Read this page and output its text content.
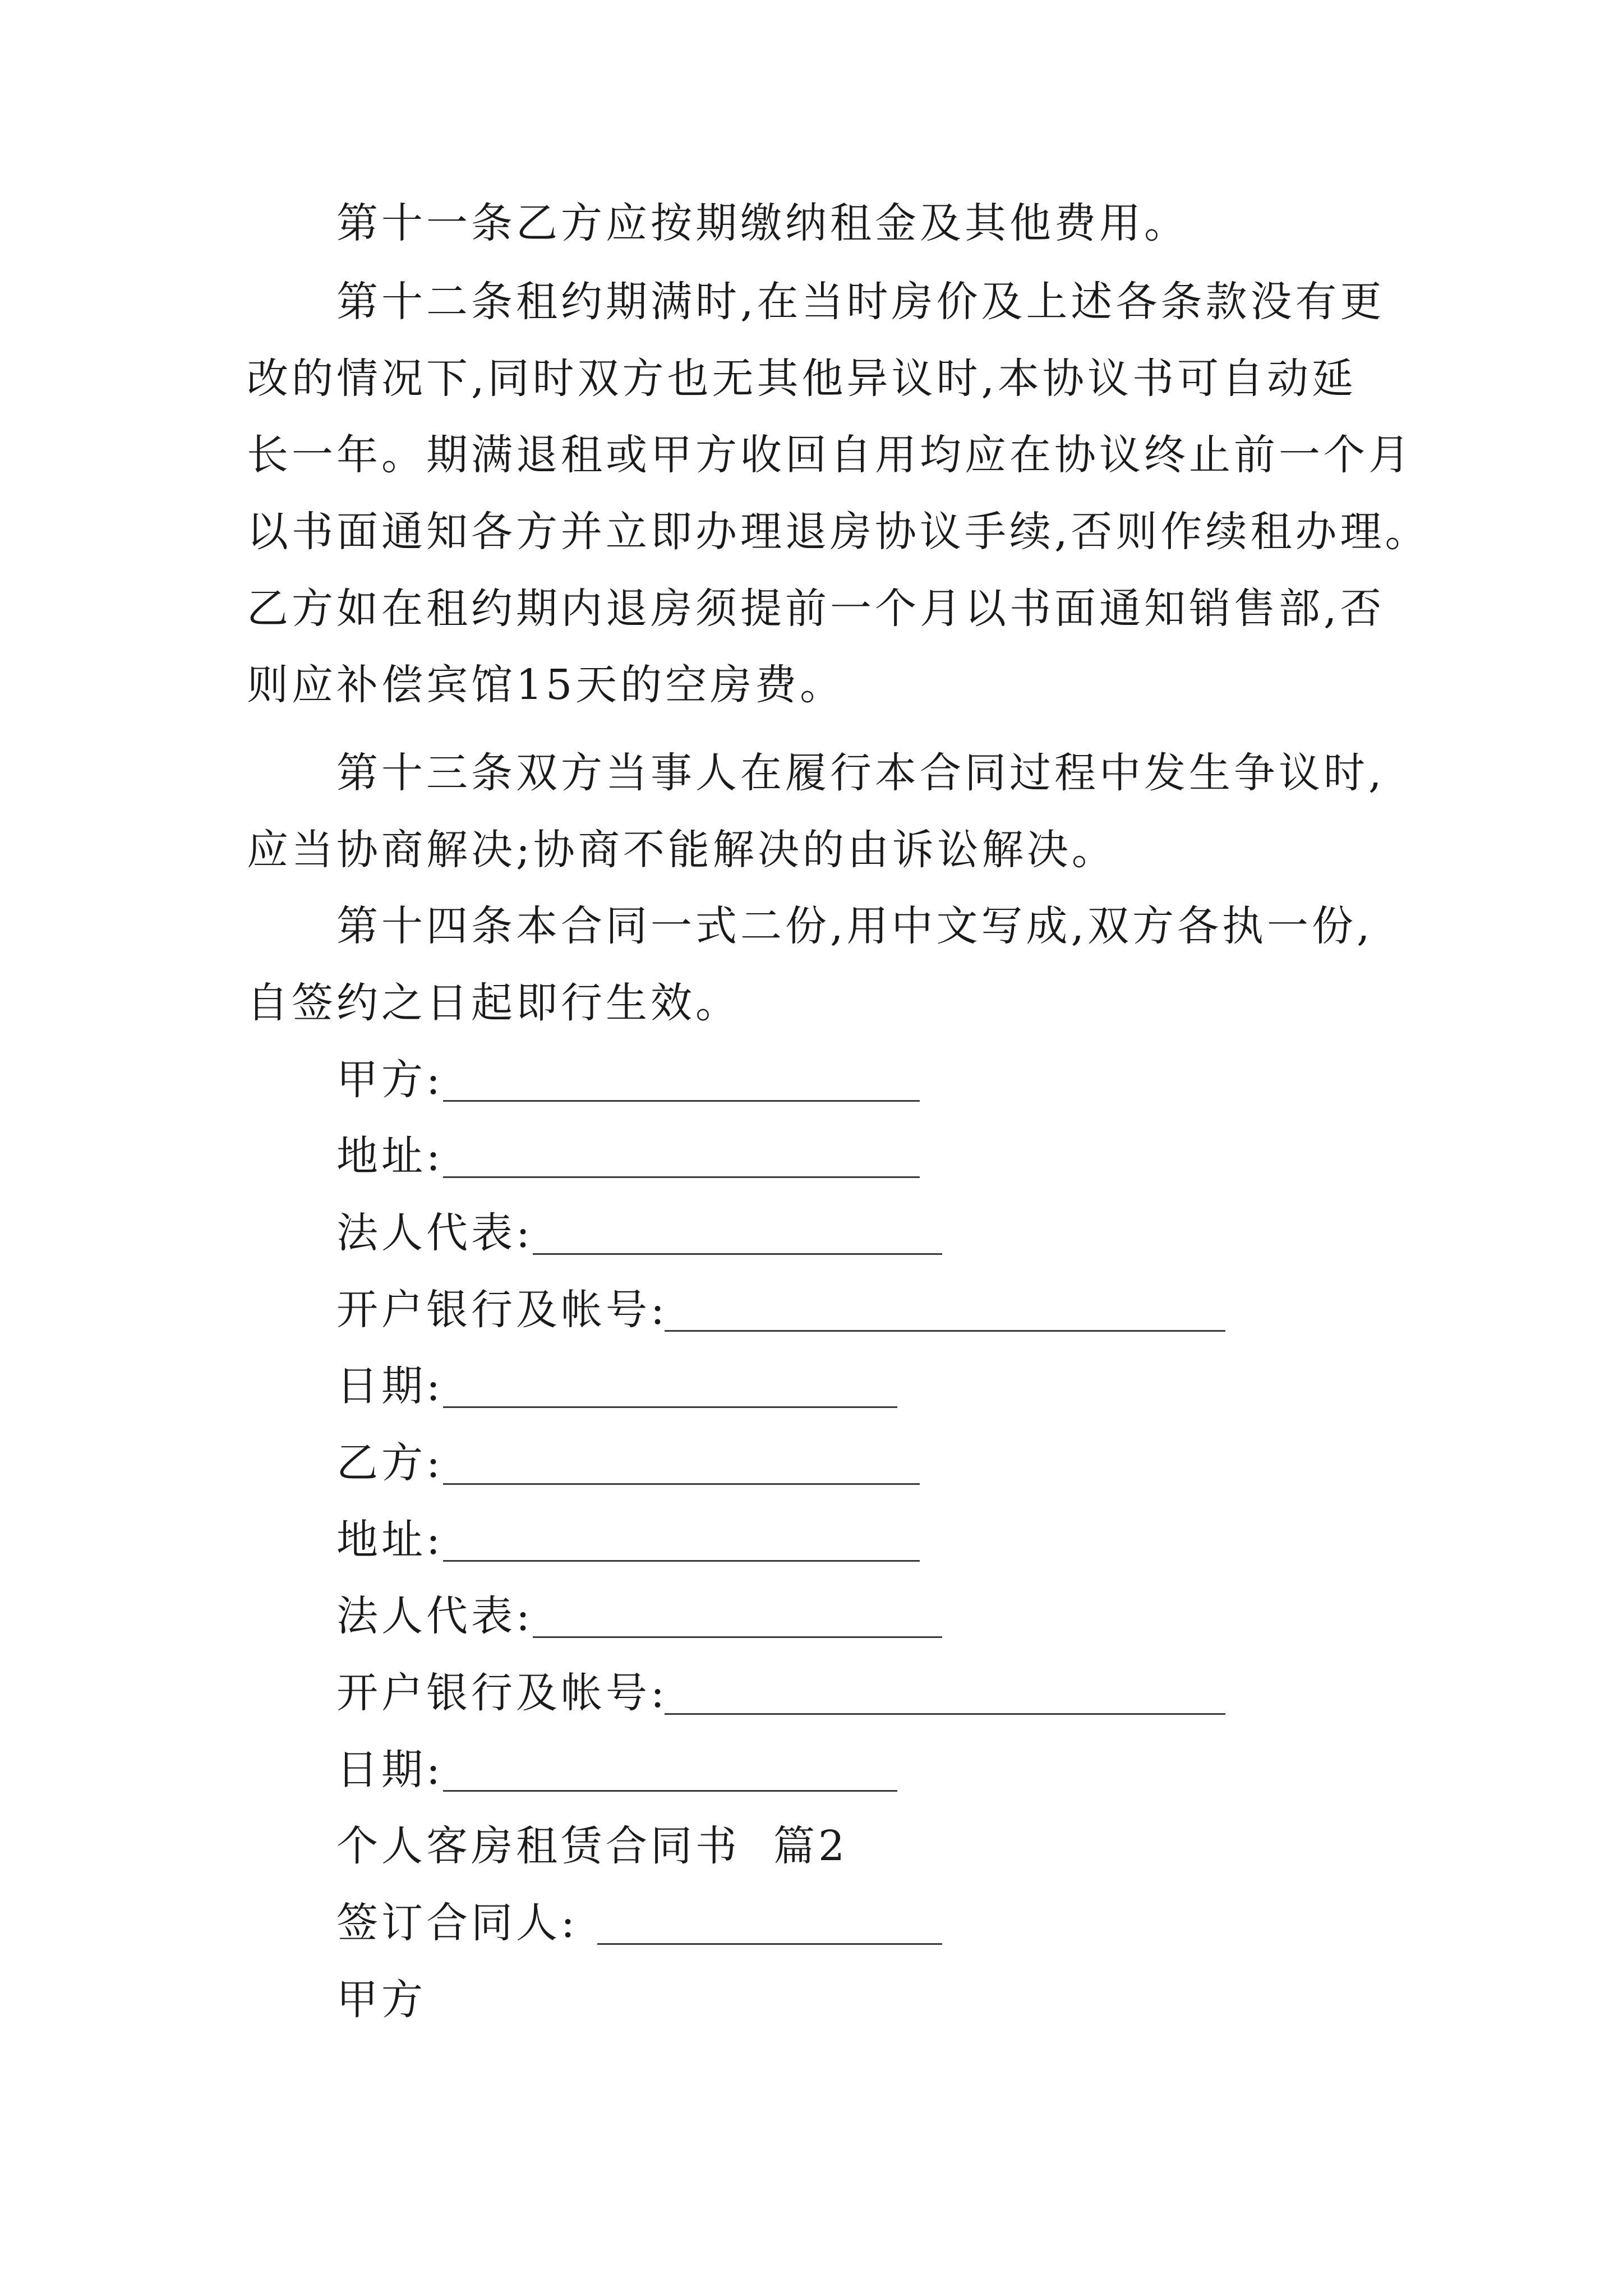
第十一条乙方应按期缴纳租金及其他费用。
第十二条租约期满时,在当时房价及上述各条款没有更
改的情况下,同时双方也无其他异议时,本协议书可自动延
长一年。期满退租或甲方收回自用均应在协议终止前一个月
以书面通知各方并立即办理退房协议手续,否则作续租办理。
乙方如在租约期内退房须提前一个月以书面通知销售部,否
则应补偿宾馆15天的空房费。
第十三条双方当事人在履行本合同过程中发生争议时,
应当协商解决;协商不能解决的由诉讼解决。
第十四条本合同一式二份,用中文写成,双方各执一份,
自签约之日起即行生效。
甲方:
地址:
法人代表:
开户银行及帐号:
日期:
乙方:
地址:
法人代表:
开户银行及帐号:
日期:
个人客房租赁合同书  篇2
签订合同人:
甲方
